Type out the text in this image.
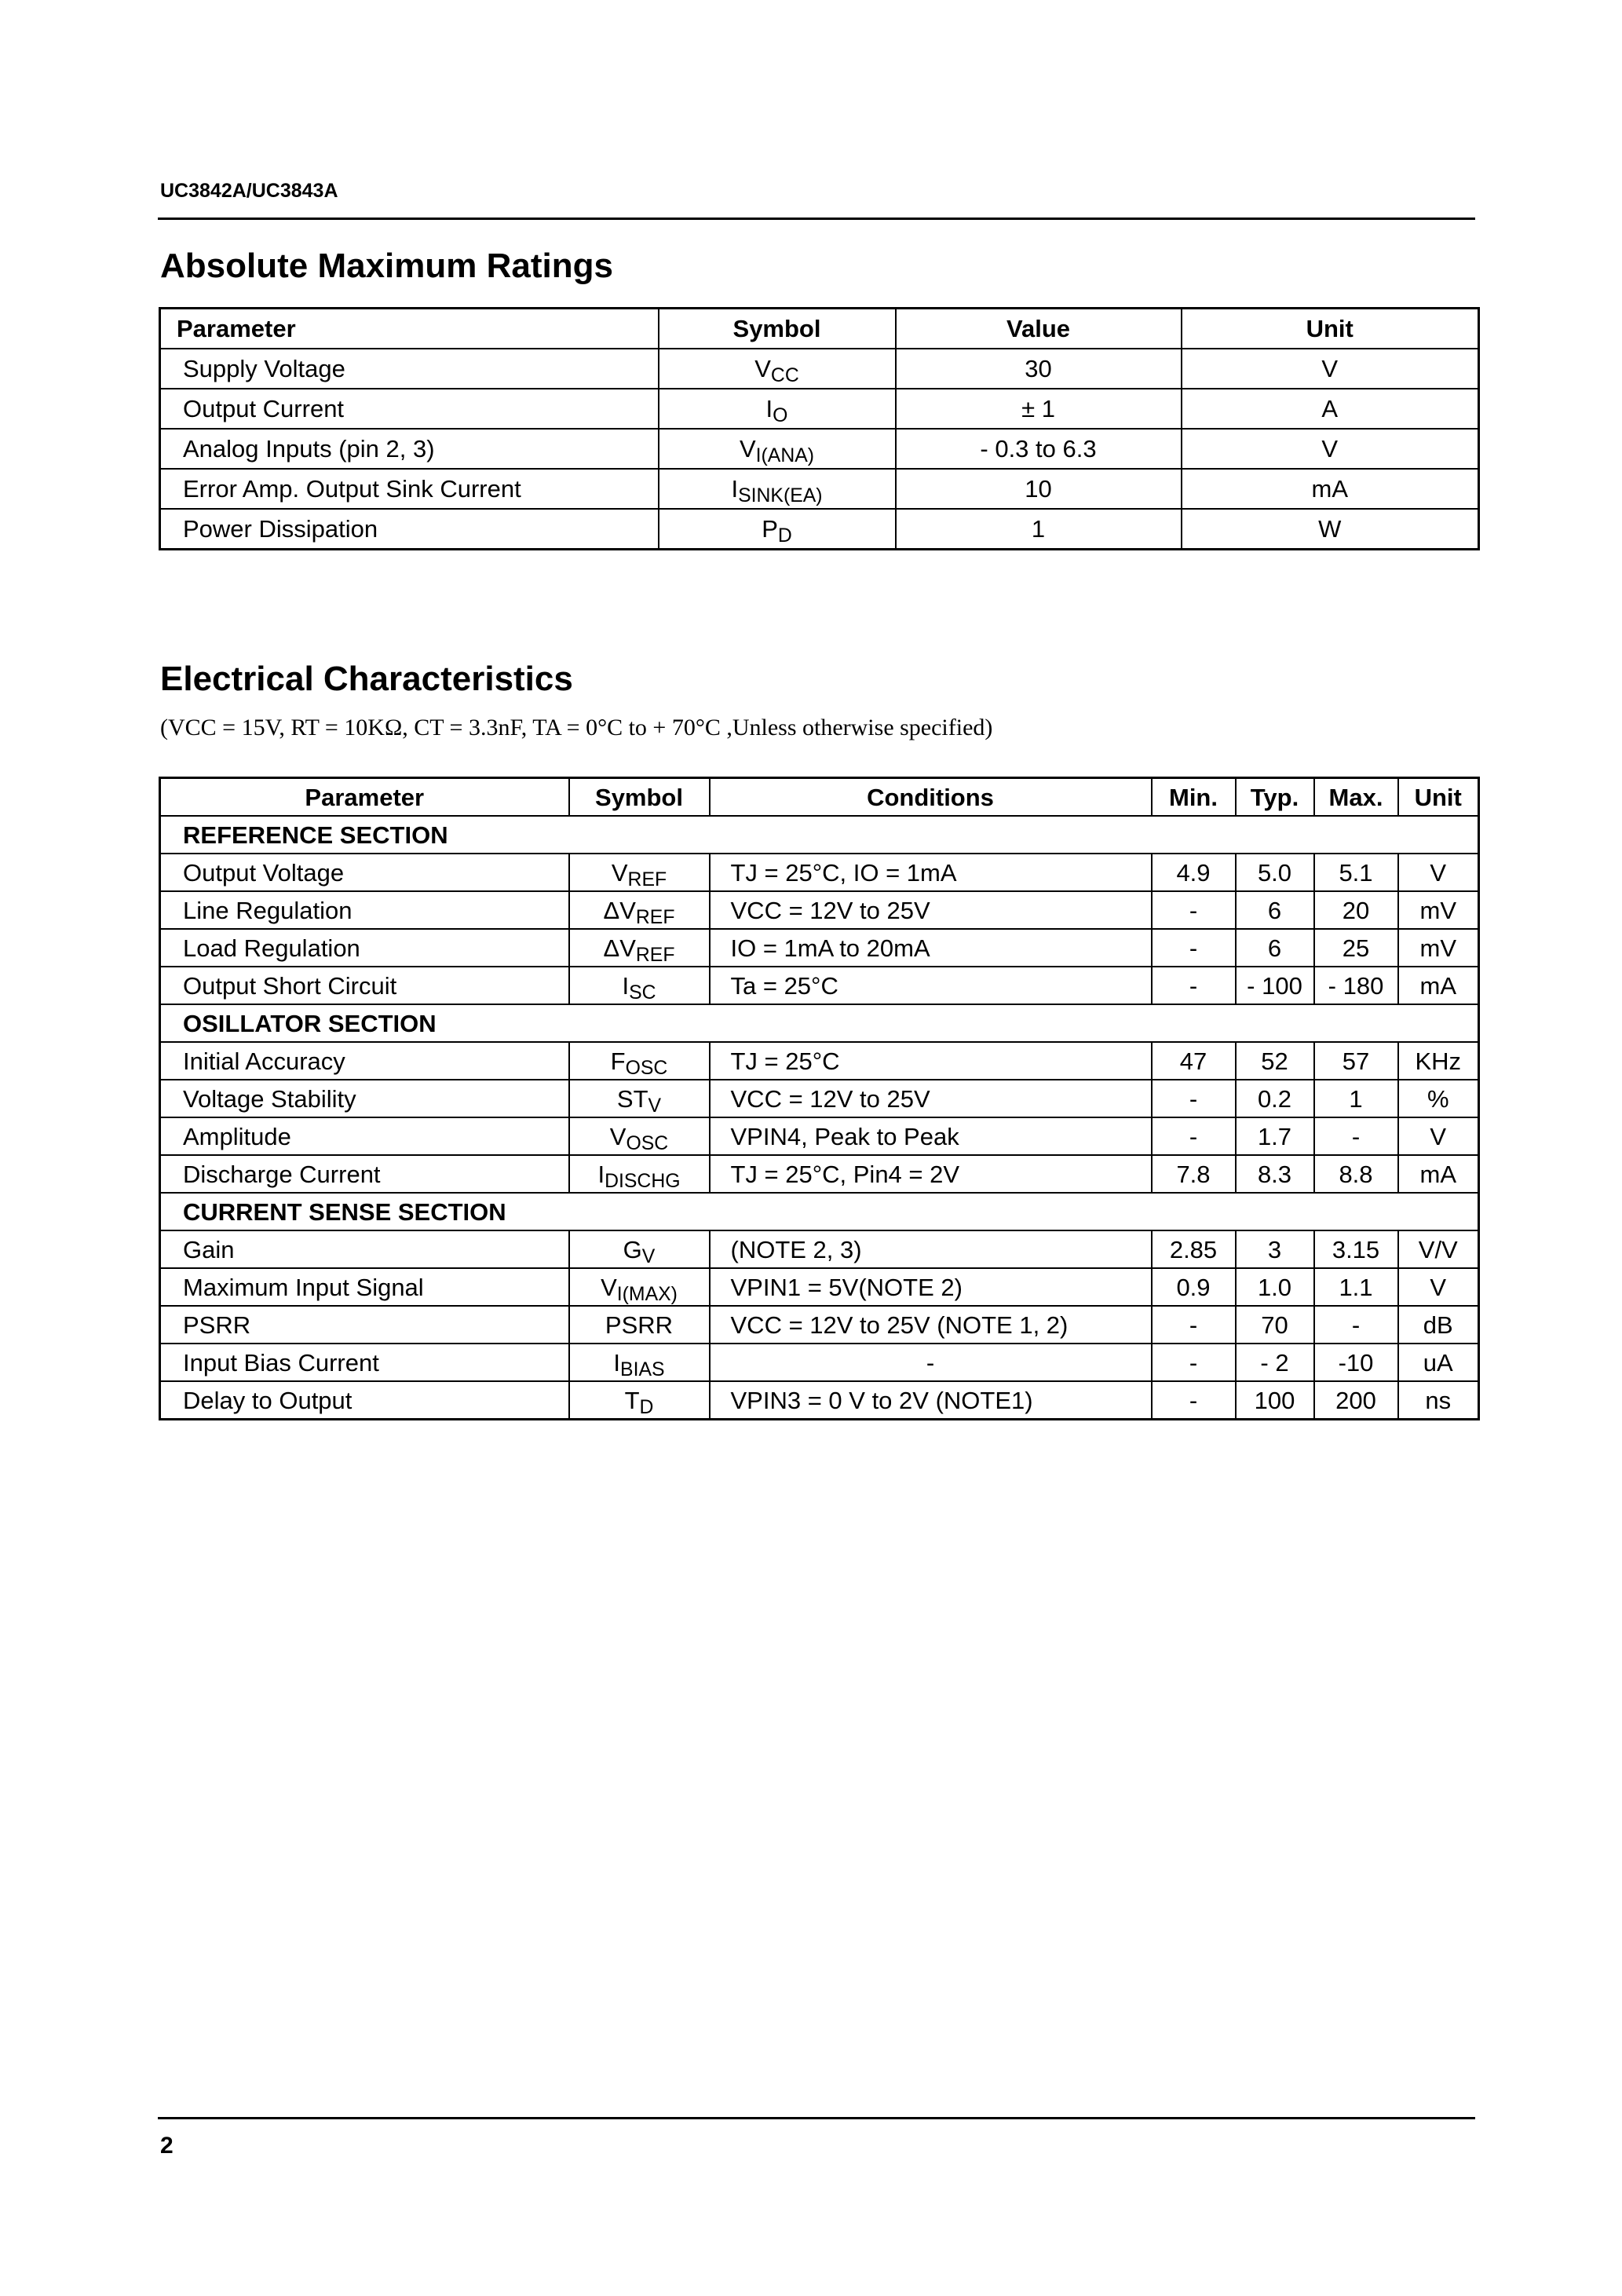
UC3842A/UC3843A
Absolute Maximum Ratings
Parameter	Symbol	Value	Unit
Supply Voltage	$V_{CC}$	30	V
Output Current	$I_O$	± 1	A
Analog Inputs (pin 2, 3)	$V_{I(ANA)}$	- 0.3 to 6.3	V
Error Amp. Output Sink Current	$I_{SINK(EA)}$	10	mA
Power Dissipation	$P_D$	1	W
Electrical Characteristics
(VCC = 15V, RT = 10KΩ, CT = 3.3nF, TA = 0°C to + 70°C ,Unless otherwise specified)
Parameter	Symbol	Conditions	Min.	Typ.	Max.	Unit
REFERENCE SECTION						
Output Voltage	$V_{REF}$	TJ = 25°C, IO = 1mA	4.9	5.0	5.1	V
Line Regulation	$\Delta V_{REF}$	VCC = 12V to 25V	-	6	20	mV
Load Regulation	$\Delta V_{REF}$	IO = 1mA to 20mA	-	6	25	mV
Output Short Circuit	$I_{SC}$	Ta = 25°C	-	- 100	- 180	mA
OSILLATOR SECTION						
Initial Accuracy	$F_{OSC}$	TJ = 25°C	47	52	57	KHz
Voltage Stability	$ST_V$	VCC = 12V to 25V	-	0.2	1	%
Amplitude	$V_{OSC}$	VPIN4, Peak to Peak	-	1.7	-	V
Discharge Current	$I_{DISCHG}$	TJ = 25°C, Pin4 = 2V	7.8	8.3	8.8	mA
CURRENT SENSE SECTION						
Gain	$G_V$	(NOTE 2, 3)	2.85	3	3.15	V/V
Maximum Input Signal	$V_{I(MAX)}$	VPIN1 = 5V(NOTE 2)	0.9	1.0	1.1	V
PSRR	PSRR	VCC = 12V to 25V (NOTE 1, 2)	-	70	-	dB
Input Bias Current	$I_{BIAS}$	-	-	- 2	-10	uA
Delay to Output	$T_D$	VPIN3 = 0 V to 2V (NOTE1)	-	100	200	ns
2
